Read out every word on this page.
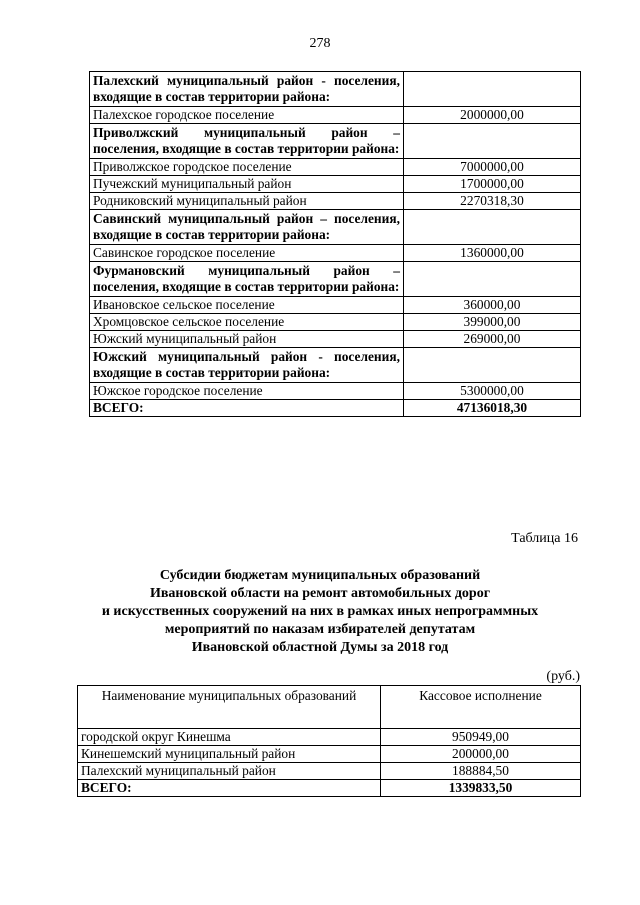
278
Палехский муниципальный район - поселения, входящие в состав территории района:	
Палехское городское поселение	2000000,00
Приволжский муниципальный район – поселения, входящие в состав территории района:	
Приволжское городское поселение	7000000,00
Пучежский муниципальный район	1700000,00
Родниковский муниципальный район	2270318,30
Савинский муниципальный район – поселения, входящие в состав территории района:	
Савинское городское поселение	1360000,00
Фурмановский муниципальный район – поселения, входящие в состав территории района:	
Ивановское сельское поселение	360000,00
Хромцовское сельское поселение	399000,00
Южский муниципальный район	269000,00
Южский муниципальный район - поселения, входящие в состав территории района:	
Южское городское поселение	5300000,00
ВСЕГО:	47136018,30
Таблица 16
Субсидии бюджетам муниципальных образований
Ивановской области на ремонт автомобильных дорог
и искусственных сооружений на них в рамках иных непрограммных
мероприятий по наказам избирателей депутатам
Ивановской областной Думы за 2018 год
(руб.)
Наименование муниципальных образований	Кассовое исполнение
городской округ Кинешма	950949,00
Кинешемский муниципальный район	200000,00
Палехский муниципальный район	188884,50
ВСЕГО:	1339833,50
